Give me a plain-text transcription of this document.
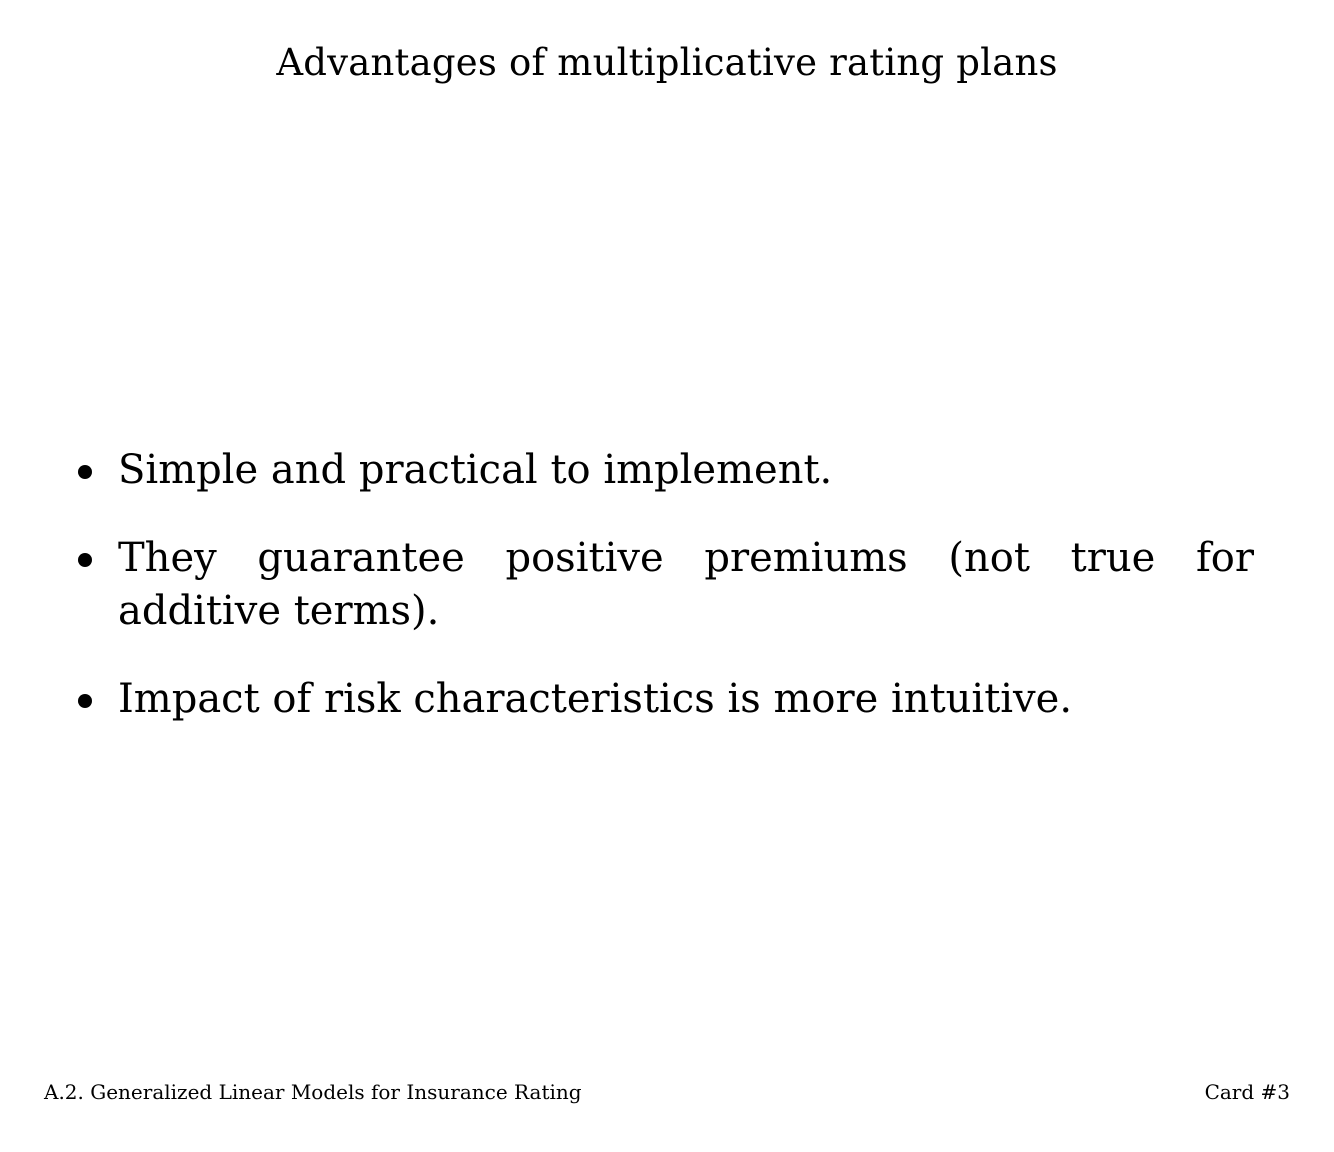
Advantages of multiplicative rating plans
Simple and practical to implement.
They guarantee positive premiums (not true for additive terms).
Impact of risk characteristics is more intuitive.
A.2. Generalized Linear Models for Insurance Rating	Card #3
